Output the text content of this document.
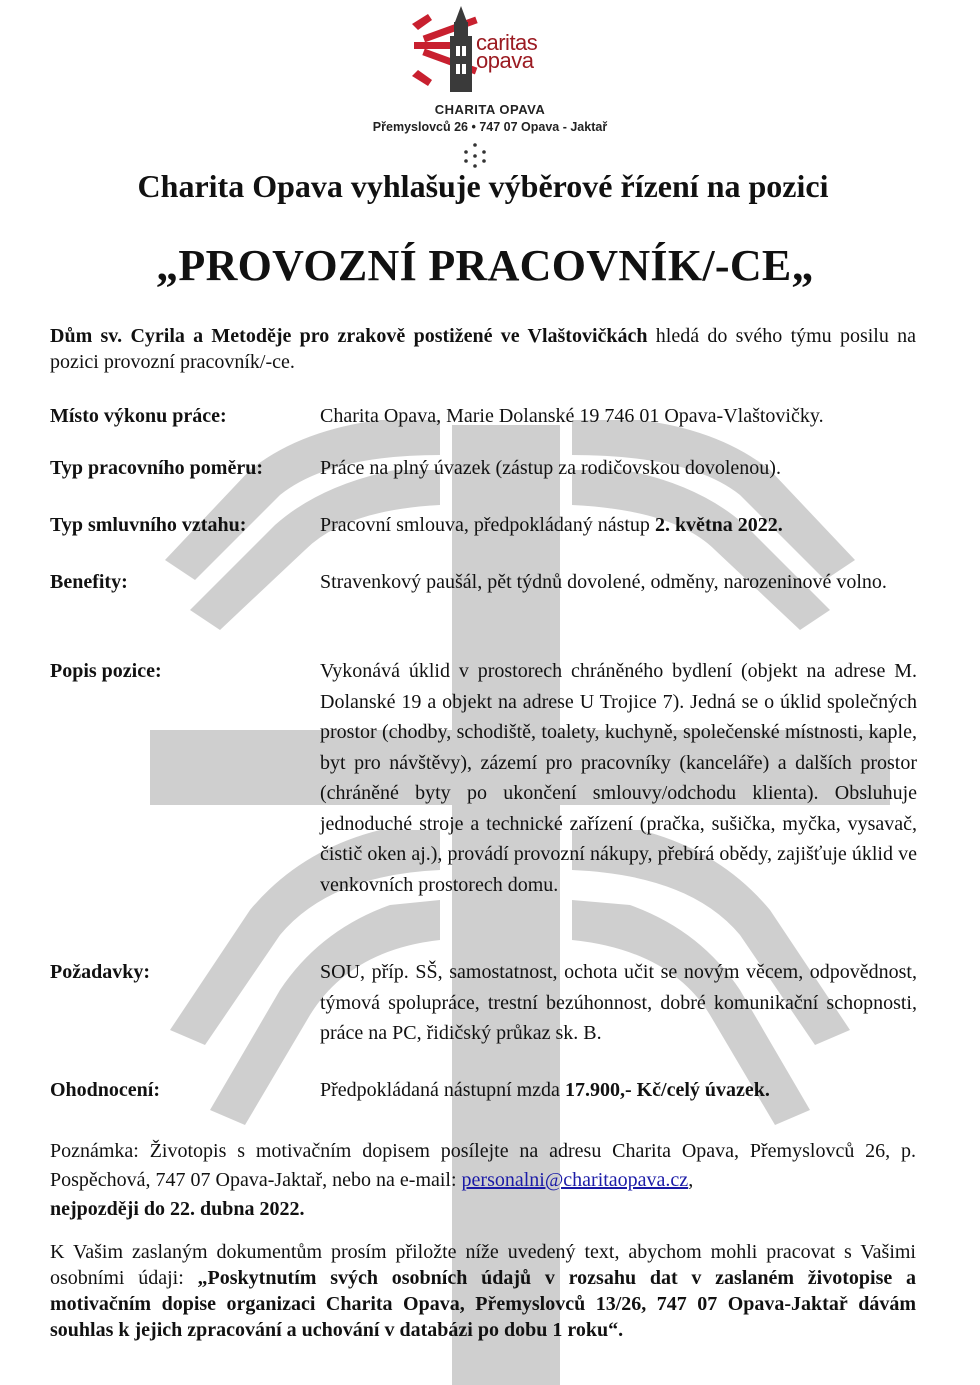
caritas
opava
CHARITA OPAVA
Přemyslovců 26 • 747 07 Opava - Jaktař
Charita Opava vyhlašuje výběrové řízení na pozici
„PROVOZNÍ PRACOVNÍK/-CE„
Dům sv. Cyrila a Metoděje pro zrakově postižené ve Vlaštovičkách hledá do svého týmu posilu na pozici provozní pracovník/-ce.
Místo výkonu práce:	Charita Opava, Marie Dolanské 19 746 01 Opava-Vlaštovičky.
Typ pracovního poměru:	Práce na plný úvazek (zástup za rodičovskou dovolenou).
Typ smluvního vztahu:	Pracovní smlouva, předpokládaný nástup 2. května 2022.
Benefity:	Stravenkový paušál, pět týdnů dovolené, odměny, narozeninové volno.
Popis pozice:	Vykonává úklid v prostorech chráněného bydlení (objekt na adrese M. Dolanské 19 a objekt na adrese U Trojice 7). Jedná se o úklid společných prostor (chodby, schodiště, toalety, kuchyně, společenské místnosti, kaple, byt pro návštěvy), zázemí pro pracovníky (kanceláře) a dalších prostor (chráněné byty po ukončení smlouvy/odchodu klienta). Obsluhuje jednoduché stroje a technické zařízení (pračka, sušička, myčka, vysavač, čistič oken aj.), provádí provozní nákupy, přebírá obědy, zajišťuje úklid ve venkovních prostorech domu.
Požadavky:	SOU, příp. SŠ, samostatnost, ochota učit se novým věcem, odpovědnost, týmová spolupráce, trestní bezúhonnost, dobré komunikační schopnosti, práce na PC, řidičský průkaz sk. B.
Ohodnocení:	Předpokládaná nástupní mzda 17.900,- Kč/celý úvazek.
Poznámka: Životopis s motivačním dopisem posílejte na adresu Charita Opava, Přemyslovců 26, p. Pospěchová, 747 07 Opava-Jaktař, nebo na e-mail: personalni@charitaopava.cz,
nejpozději do 22. dubna 2022.
K Vašim zaslaným dokumentům prosím přiložte níže uvedený text, abychom mohli pracovat s Vašimi osobními údaji: „Poskytnutím svých osobních údajů v rozsahu dat v zaslaném životopise a motivačním dopise organizaci Charita Opava, Přemyslovců 13/26, 747 07 Opava-Jaktař dávám souhlas k jejich zpracování a uchování v databázi po dobu 1 roku“.
